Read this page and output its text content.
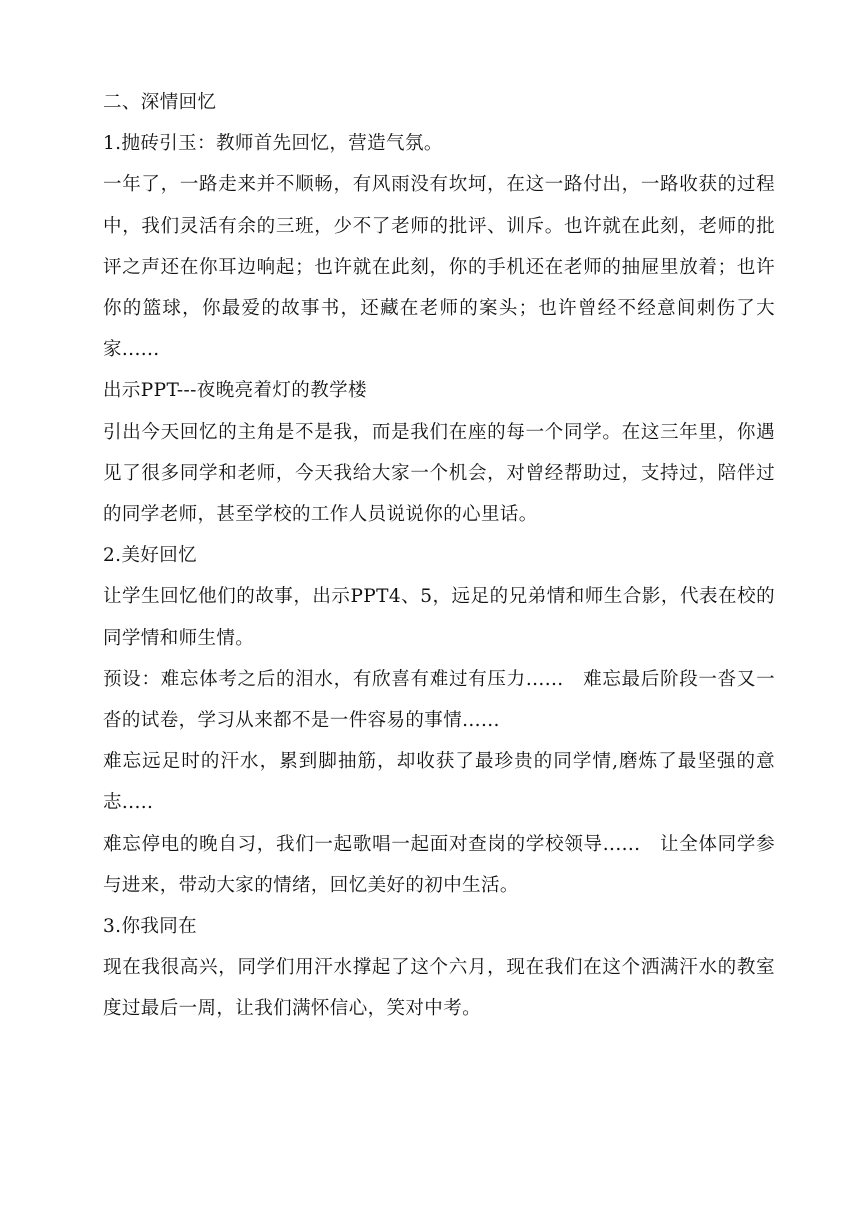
二、深情回忆

1.抛砖引玉：教师首先回忆，营造气氛。

一年了，一路走来并不顺畅，有风雨没有坎坷，在这一路付出，一路收获的过程中，我们灵活有余的三班，少不了老师的批评、训斥。也许就在此刻，老师的批评之声还在你耳边响起；也许就在此刻，你的手机还在老师的抽屉里放着；也许你的篮球，你最爱的故事书，还藏在老师的案头；也许曾经不经意间刺伤了大家......

出示PPT---夜晚亮着灯的教学楼

引出今天回忆的主角是不是我，而是我们在座的每一个同学。在这三年里，你遇见了很多同学和老师，今天我给大家一个机会，对曾经帮助过，支持过，陪伴过的同学老师，甚至学校的工作人员说说你的心里话。

2.美好回忆

让学生回忆他们的故事，出示PPT4、5，远足的兄弟情和师生合影，代表在校的同学情和师生情。

预设：难忘体考之后的泪水，有欣喜有难过有压力......　难忘最后阶段一沓又一沓的试卷，学习从来都不是一件容易的事情......

难忘远足时的汗水，累到脚抽筋，却收获了最珍贵的同学情,磨炼了最坚强的意志.....

难忘停电的晚自习，我们一起歌唱一起面对查岗的学校领导......　让全体同学参与进来，带动大家的情绪，回忆美好的初中生活。

3.你我同在

现在我很高兴，同学们用汗水撑起了这个六月，现在我们在这个洒满汗水的教室度过最后一周，让我们满怀信心，笑对中考。
